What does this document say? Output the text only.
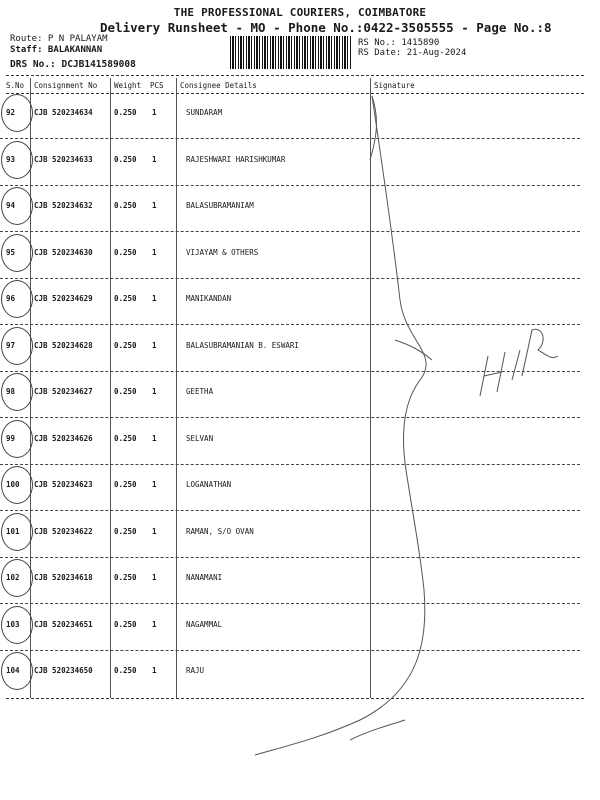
THE PROFESSIONAL COURIERS, COIMBATORE
Delivery Runsheet - MO - Phone No.:0422-3505555 - Page No.:8
Route: P N PALAYAM
Staff: BALAKANNAN
DRS No.: DCJB141589008
RS No.: 1415890
RS Date: 21-Aug-2024
S.No Consignment No Weight PCS Consignee Details	Signature
92	CJB 520234634	0.250 1	SUNDARAM
93	CJB 520234633	0.250 1	RAJESHWARI HARISHKUMAR
94	CJB 520234632	0.250 1	BALASUBRAMANIAM
95	CJB 520234630	0.250 1	VIJAYAM & OTHERS
96	CJB 520234629	0.250 1	MANIKANDAN
97	CJB 520234628	0.250 1	BALASUBRAMANIAN B. ESWARI
98	CJB 520234627	0.250 1	GEETHA
99	CJB 520234626	0.250 1	SELVAN
100 CJB 520234623	0.250 1	LOGANATHAN
101 CJB 520234622	0.250 1	RAMAN, S/O OVAN
102 CJB 520234618	0.250 1	NANAMANI
103 CJB 520234651	0.250 1	NAGAMMAL
104 CJB 520234650	0.250 1	RAJU
